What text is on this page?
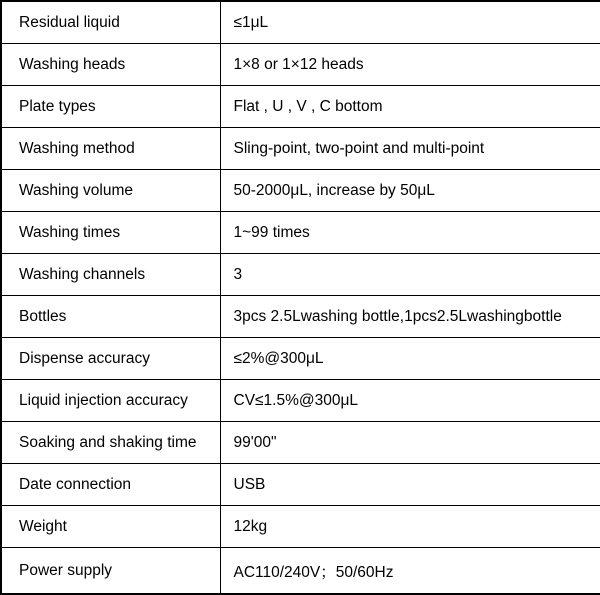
Residual liquid	≤1μL
Washing heads	1×8 or 1×12 heads
Plate types	Flat , U , V , C bottom
Washing method	Sling-point, two-point and multi-point
Washing volume	50-2000μL, increase by 50μL
Washing times	1~99 times
Washing channels	3
Bottles	3pcs 2.5Lwashing bottle,1pcs2.5Lwashingbottle
Dispense accuracy	≤2%@300μL
Liquid injection accuracy	CV≤1.5%@300μL
Soaking and shaking time	99'00"
Date connection	USB
Weight	12kg
Power supply	AC110/240V；50/60Hz
